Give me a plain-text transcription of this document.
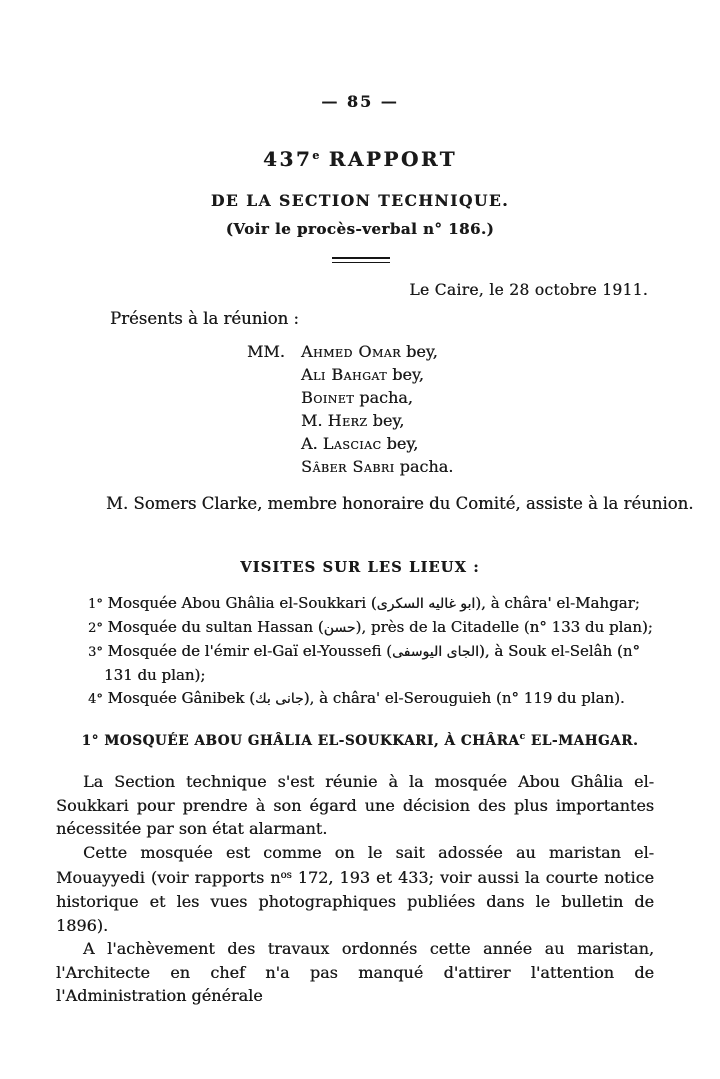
— 85 —
437e RAPPORT
DE LA SECTION TECHNIQUE.
(Voir le procès-verbal n° 186.)
Le Caire, le 28 octobre 1911.
Présents à la réunion :
MM. Ahmed Omar bey,
Ali Bahgat bey,
Boinet pacha,
M. Herz bey,
A. Lasciac bey,
Sâber Sabri pacha.
M. Somers Clarke, membre honoraire du Comité, assiste à la réunion.
VISITES SUR LES LIEUX :
1° Mosquée Abou Ghâlia el-Soukkari (ابو غاليه السكرى), à châra' el-Mahgar;
2° Mosquée du sultan Hassan (حسن), près de la Citadelle (n° 133 du plan);
3° Mosquée de l'émir el-Gaï el-Youssefi (الجاى اليوسفى), à Souk el-Selâh (n° 131 du plan);
4° Mosquée Gânibek (جانى بك), à châra' el-Serouguieh (n° 119 du plan).
1° MOSQUÉE ABOU GHÂLIA EL-SOUKKARI, À CHÂRA$^c$ EL-MAHGAR.

La Section technique s'est réunie à la mosquée Abou Ghâlia el-Soukkari pour prendre à son égard une décision des plus importantes nécessitée par son état alarmant.

Cette mosquée est comme on le sait adossée au maristan el-Mouayyedi (voir rapports $n^{os}$ 172, 193 et 433; voir aussi la courte notice historique et les vues photographiques publiées dans le bulletin de 1896).

A l'achèvement des travaux ordonnés cette année au maristan, l'Architecte en chef n'a pas manqué d'attirer l'attention de l'Administration générale
